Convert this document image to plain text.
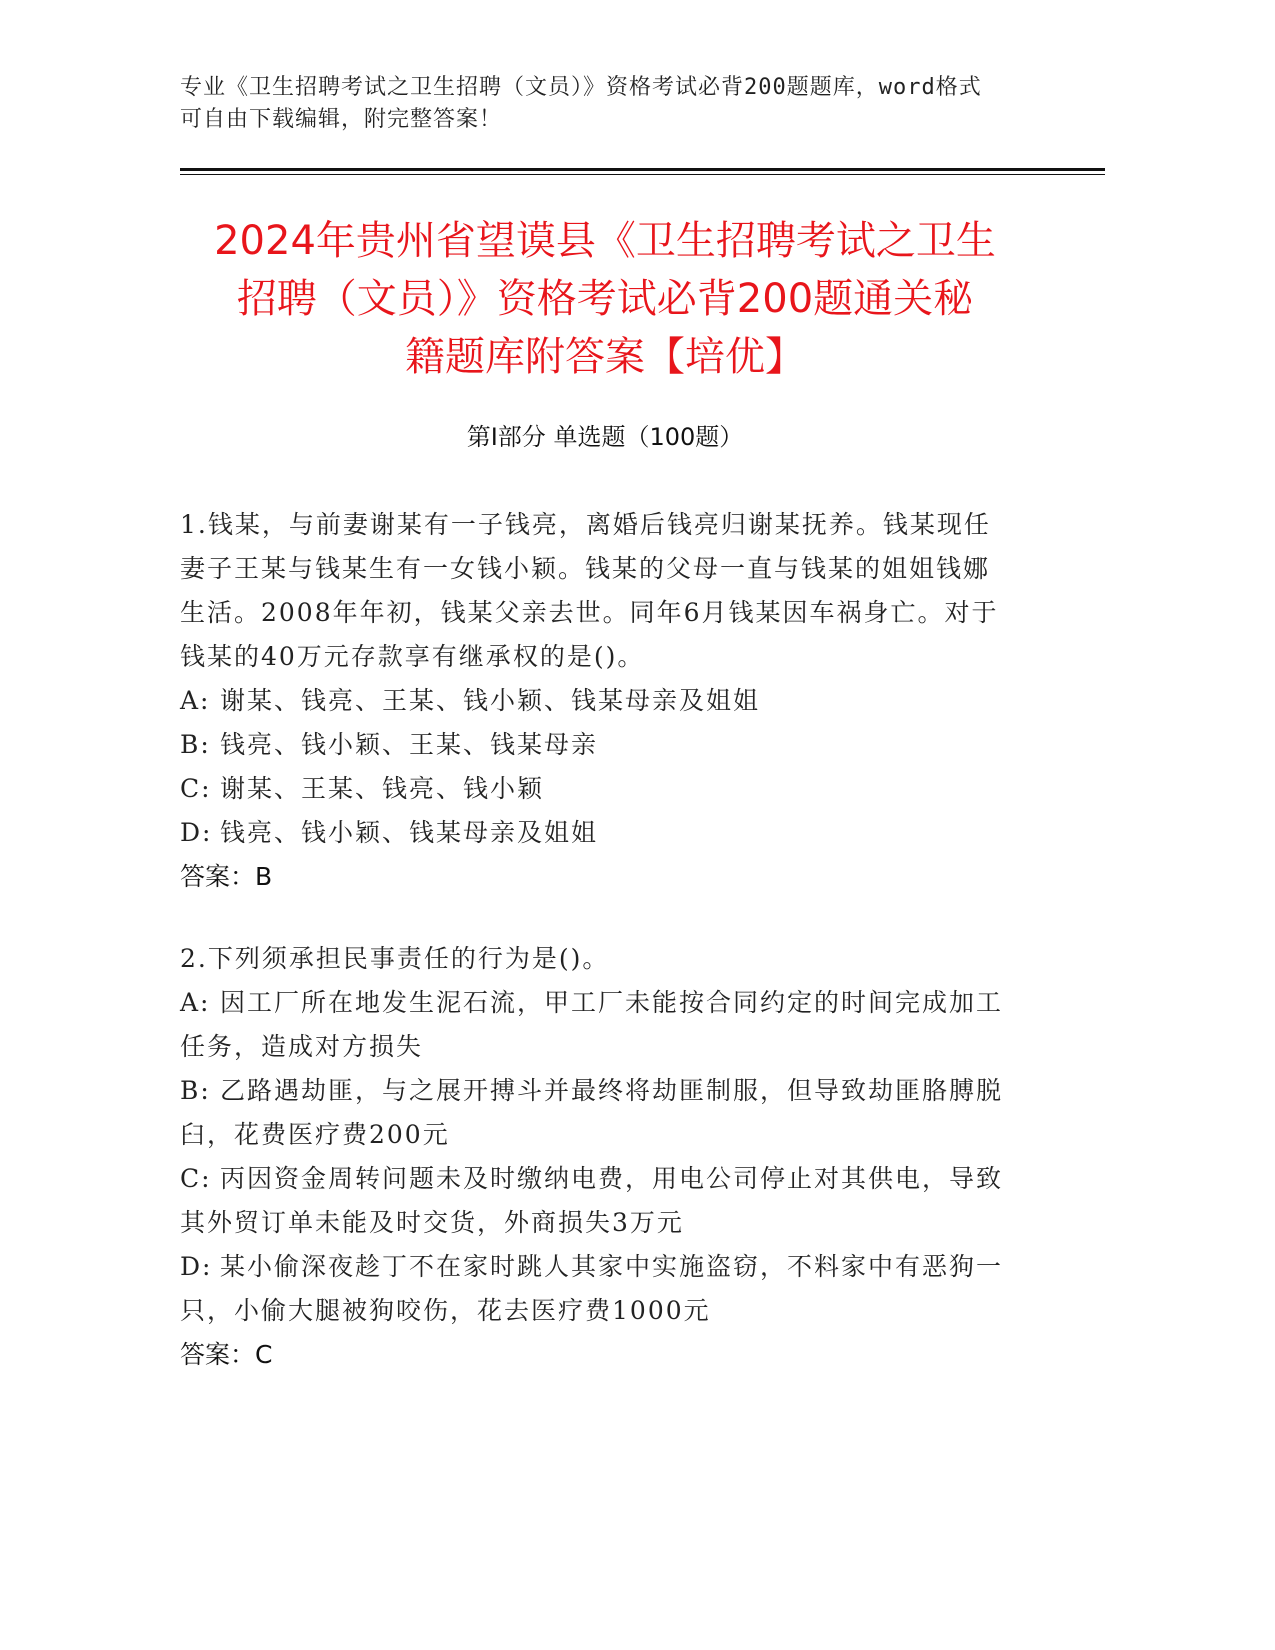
专业《卫生招聘考试之卫生招聘（文员）》资格考试必背200题题库，word格式
可自由下载编辑，附完整答案！
2024年贵州省望谟县《卫生招聘考试之卫生
招聘（文员）》资格考试必背200题通关秘
籍题库附答案【培优】
第Ⅰ部分 单选题（100题）
1.钱某，与前妻谢某有一子钱亮，离婚后钱亮归谢某抚养。钱某现任
妻子王某与钱某生有一女钱小颖。钱某的父母一直与钱某的姐姐钱娜
生活。2008年年初，钱某父亲去世。同年6月钱某因车祸身亡。对于
钱某的40万元存款享有继承权的是()。
A: 谢某、钱亮、王某、钱小颖、钱某母亲及姐姐
B: 钱亮、钱小颖、王某、钱某母亲
C: 谢某、王某、钱亮、钱小颖
D: 钱亮、钱小颖、钱某母亲及姐姐
答案：B
2.下列须承担民事责任的行为是()。
A: 因工厂所在地发生泥石流，甲工厂未能按合同约定的时间完成加工
任务，造成对方损失
B: 乙路遇劫匪，与之展开搏斗并最终将劫匪制服，但导致劫匪胳膊脱
臼，花费医疗费200元
C: 丙因资金周转问题未及时缴纳电费，用电公司停止对其供电，导致
其外贸订单未能及时交货，外商损失3万元
D: 某小偷深夜趁丁不在家时跳人其家中实施盗窃，不料家中有恶狗一
只，小偷大腿被狗咬伤，花去医疗费1000元
答案：C
